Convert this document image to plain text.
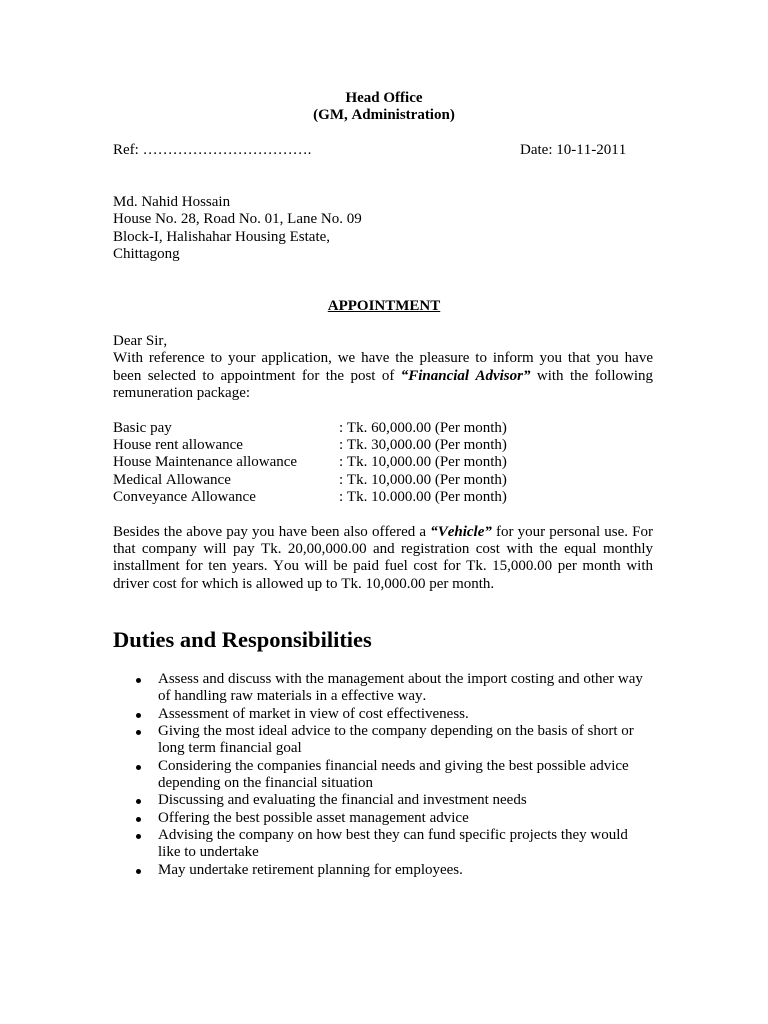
Head Office
(GM, Administration)
Ref: …………………………….	Date: 10-11-2011
Md. Nahid Hossain
House No. 28, Road No. 01, Lane No. 09
Block-I, Halishahar Housing Estate,
Chittagong
APPOINTMENT
Dear Sir,
With reference to your application, we have the pleasure to inform you that you have been selected to appointment for the post of “Financial Advisor” with the following remuneration package:
Basic pay	: Tk. 60,000.00 (Per month)
House rent allowance	: Tk. 30,000.00 (Per month)
House Maintenance allowance	: Tk. 10,000.00 (Per month)
Medical Allowance	: Tk. 10,000.00 (Per month)
Conveyance Allowance	: Tk. 10.000.00 (Per month)
Besides the above pay you have been also offered a “Vehicle” for your personal use. For that company will pay Tk. 20,00,000.00 and registration cost with the equal monthly installment for ten years. You will be paid fuel cost for Tk. 15,000.00 per month with driver cost for which is allowed up to Tk. 10,000.00 per month.
Duties and Responsibilities
Assess and discuss with the management about the import costing and other way of handling raw materials in a effective way.
Assessment of market in view of cost effectiveness.
Giving the most ideal advice to the company depending on the basis of short or long term financial goal
Considering the companies financial needs and giving the best possible advice depending on the financial situation
Discussing and evaluating the financial and investment needs
Offering the best possible asset management advice
Advising the company on how best they can fund specific projects they would like to undertake
May undertake retirement planning for employees.
